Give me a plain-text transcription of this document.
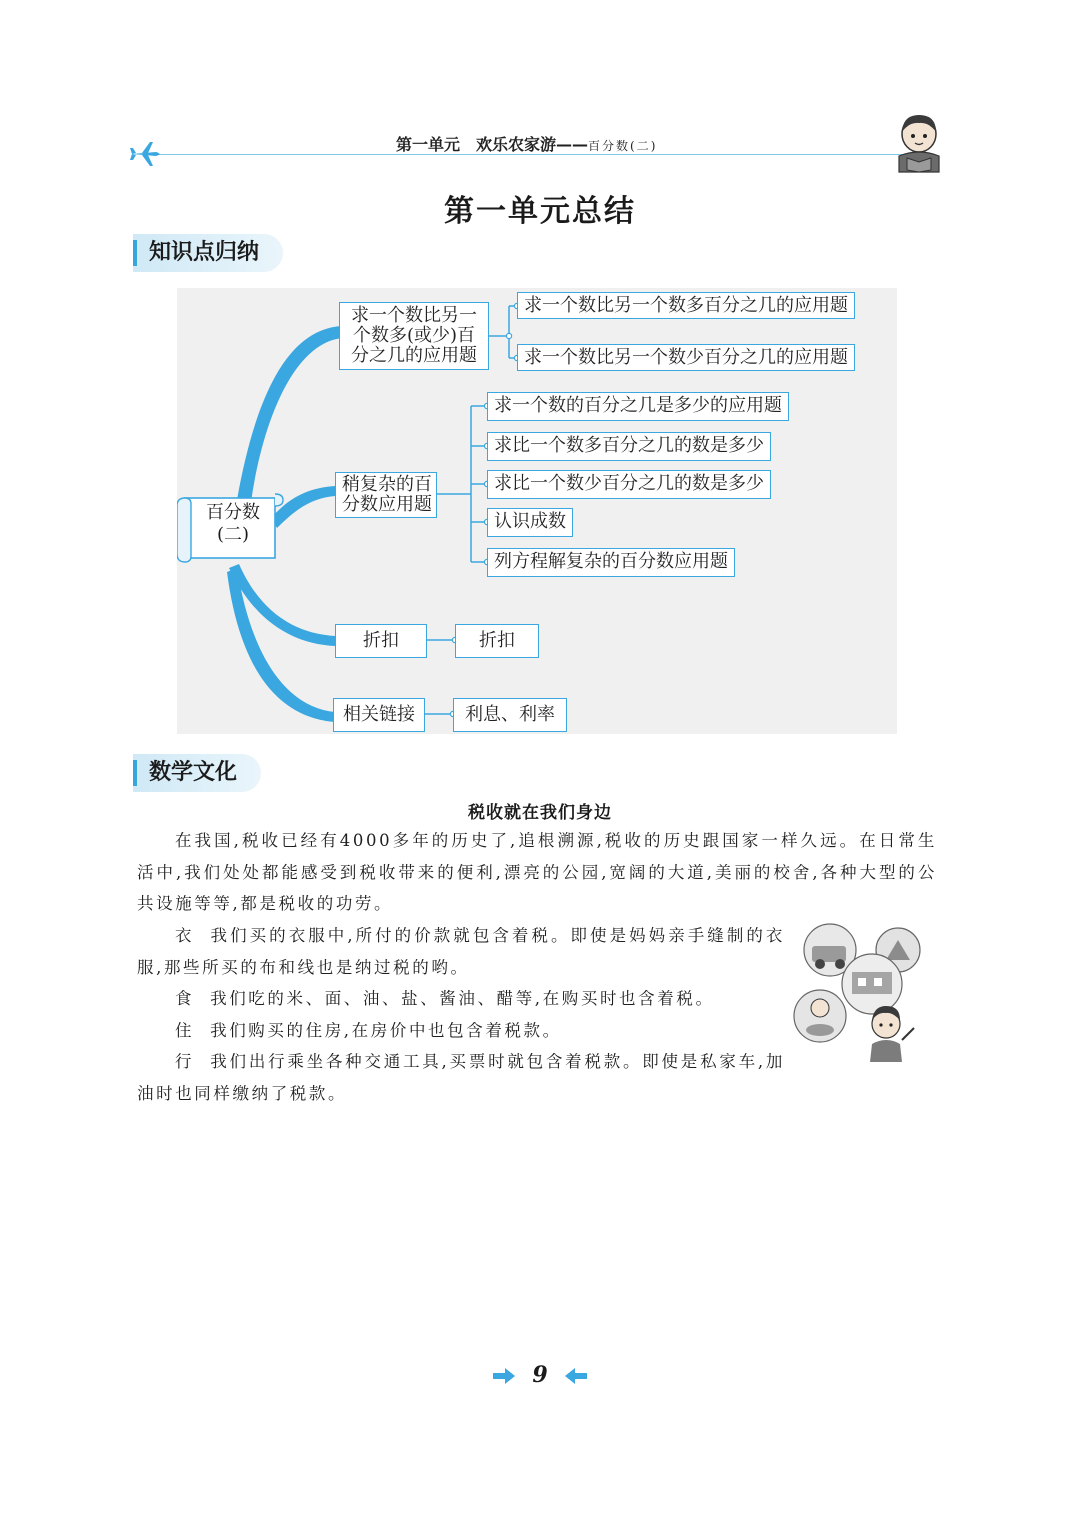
第一单元　欢乐农家游——百分数(二)
第一单元总结
知识点归纳
百分数
(二)
求一个数比另一
个数多(或少)百
分之几的应用题
求一个数比另一个数多百分之几的应用题
求一个数比另一个数少百分之几的应用题
稍复杂的百
分数应用题
求一个数的百分之几是多少的应用题
求比一个数多百分之几的数是多少
求比一个数少百分之几的数是多少
认识成数
列方程解复杂的百分数应用题
折扣	折扣
相关链接	利息、利率
数学文化
税收就在我们身边
在我国,税收已经有4000多年的历史了,追根溯源,税收的历史跟国家一样久远。在日常生活中,我们处处都能感受到税收带来的便利,漂亮的公园,宽阔的大道,美丽的校舍,各种大型的公共设施等等,都是税收的功劳。
衣 我们买的衣服中,所付的价款就包含着税。即使是妈妈亲手缝制的衣服,那些所买的布和线也是纳过税的哟。
食 我们吃的米、面、油、盐、酱油、醋等,在购买时也含着税。
住 我们购买的住房,在房价中也包含着税款。
行 我们出行乘坐各种交通工具,买票时就包含着税款。即使是私家车,加油时也同样缴纳了税款。
9
